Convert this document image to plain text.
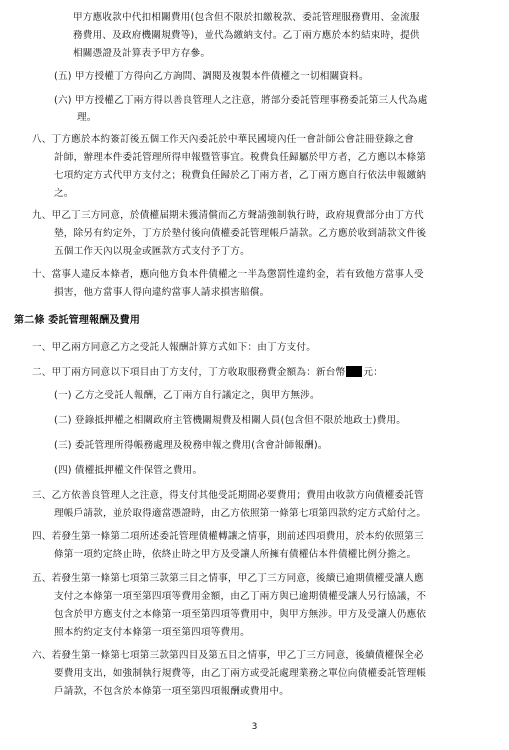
甲方應收款中代扣相關費用(包含但不限於扣繳稅款、委託管理服務費用、金流服
務費用、及政府機關規費等)，並代為繳納支付。乙丁兩方應於本約結束時，提供
相關憑證及計算表予甲方存參。
(五) 甲方授權丁方得向乙方詢問、調閱及複製本件債權之一切相關資料。
(六) 甲方授權乙丁兩方得以善良管理人之注意，將部分委託管理事務委託第三人代為處
理。
八、丁方應於本約簽訂後五個工作天內委託於中華民國境內任一會計師公會註冊登錄之會
計師，辦理本件委託管理所得申報暨管事宜。稅費負任歸屬於甲方者，乙方應以本條第
七項約定方式代甲方支付之；稅費負任歸於乙丁兩方者，乙丁兩方應自行依法申報繳納
之。
九、甲乙丁三方同意，於債權届期未獲清償而乙方聲請強制執行時，政府規費部分由丁方代
墊，除另有約定外，丁方於墊付後向債權委託管理帳戶請款。乙方應於收到請款文件後
五個工作天內以現金或匯款方式支付予丁方。
十、當事人違反本條者，應向他方負本件債權之一半為懲罰性違約金，若有致他方當事人受
損害，他方當事人得向違約當事人請求損害賠償。
第二條 委託管理報酬及費用
一、甲乙兩方同意乙方之受託人報酬計算方式如下：由丁方支付。
二、甲丁兩方同意以下項目由丁方支付，丁方收取服務費金額為：新台幣 元：
(一) 乙方之受託人報酬，乙丁兩方自行議定之，與甲方無涉。
(二) 登錄抵押權之相關政府主管機關規費及相關人員(包含但不限於地政士)費用。
(三) 委託管理所得帳務處理及稅務申報之費用(含會計師報酬)。
(四) 債權抵押權文件保管之費用。
三、乙方依善良管理人之注意，得支付其他受託期間必要費用；費用由收款方向債權委託管
理帳戶請款，並於取得適當憑證時，由乙方依照第一條第七項第四款約定方式給付之。
四、若發生第一條第二項所述委託管理債權轉讓之情事，則前述四項費用，於本約依照第三
條第一項約定終止時，依終止時之甲方及受讓人所擁有債權佔本件債權比例分擔之。
五、若發生第一條第七項第三款第三目之情事，甲乙丁三方同意，後續已逾期債權受讓人應
支付之本條第一項至第四項等費用金額，由乙丁兩方與已逾期債權受讓人另行協議，不
包含於甲方應支付之本條第一項至第四項等費用中，與甲方無涉。甲方及受讓人仍應依
照本約約定支付本條第一項至第四項等費用。
六、若發生第一條第七項第三款第四目及第五目之情事，甲乙丁三方同意，後續債權保全必
要費用支出，如強制執行規費等，由乙丁兩方或受託處理業務之單位向債權委託管理帳
戶請款，不包含於本條第一項至第四項報酬或費用中。
3
